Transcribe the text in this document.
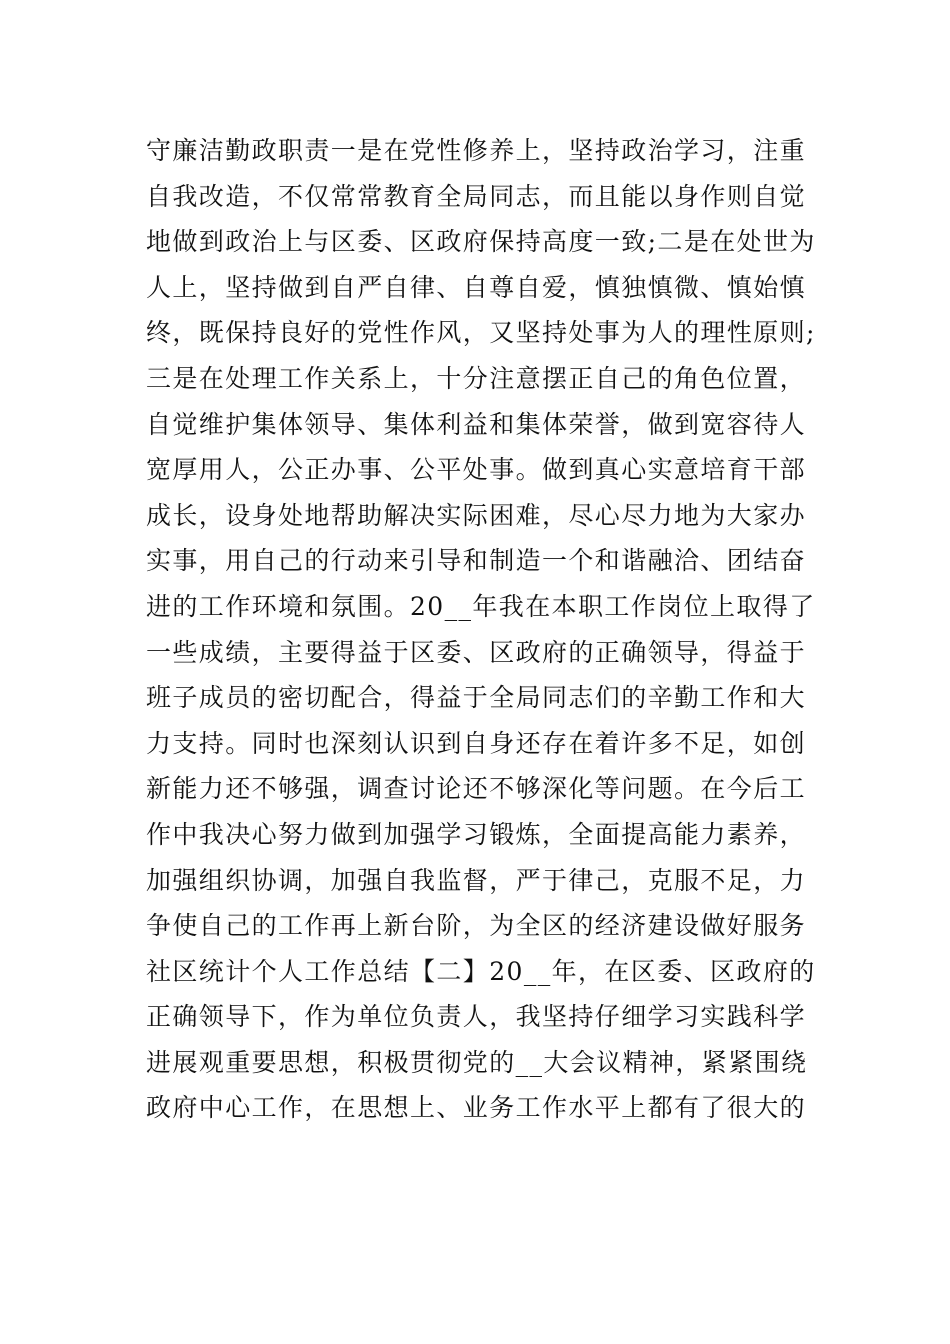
守廉洁勤政职责一是在党性修养上，坚持政治学习，注重
自我改造，不仅常常教育全局同志，而且能以身作则自觉
地做到政治上与区委、区政府保持高度一致;二是在处世为
人上，坚持做到自严自律、自尊自爱，慎独慎微、慎始慎
终，既保持良好的党性作风，又坚持处事为人的理性原则;
三是在处理工作关系上，十分注意摆正自己的角色位置，
自觉维护集体领导、集体利益和集体荣誉，做到宽容待人
宽厚用人，公正办事、公平处事。做到真心实意培育干部
成长，设身处地帮助解决实际困难，尽心尽力地为大家办
实事，用自己的行动来引导和制造一个和谐融洽、团结奋
进的工作环境和氛围。20__年我在本职工作岗位上取得了
一些成绩，主要得益于区委、区政府的正确领导，得益于
班子成员的密切配合，得益于全局同志们的辛勤工作和大
力支持。同时也深刻认识到自身还存在着许多不足，如创
新能力还不够强，调查讨论还不够深化等问题。在今后工
作中我决心努力做到加强学习锻炼，全面提高能力素养，
加强组织协调，加强自我监督，严于律己，克服不足，力
争使自己的工作再上新台阶，为全区的经济建设做好服务
社区统计个人工作总结【二】20__年，在区委、区政府的
正确领导下，作为单位负责人，我坚持仔细学习实践科学
进展观重要思想，积极贯彻党的__大会议精神，紧紧围绕
政府中心工作，在思想上、业务工作水平上都有了很大的
